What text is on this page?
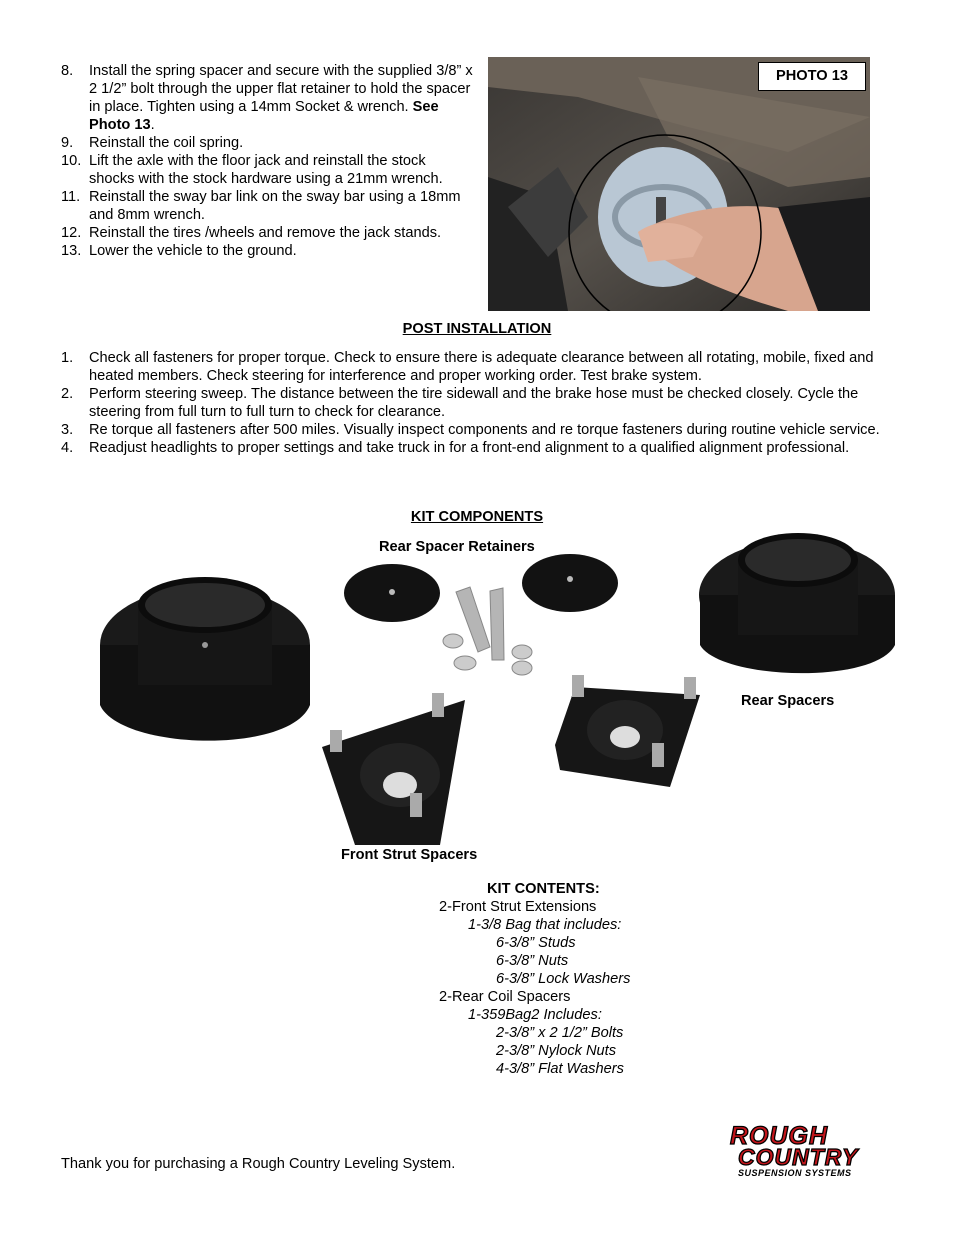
8. Install the spring spacer and secure with the supplied 3/8” x 2 1/2” bolt through the upper flat retainer to hold the spacer in place. Tighten using a 14mm Socket & wrench. See Photo 13.
9. Reinstall the coil spring.
10. Lift the axle with the floor jack and reinstall the stock shocks with the stock hardware using a 21mm wrench.
11. Reinstall the sway bar link on the sway bar using a 18mm and 8mm wrench.
12. Reinstall the tires /wheels and remove the jack stands.
13. Lower the vehicle to the ground.
PHOTO 13
POST INSTALLATION
1. Check all fasteners for proper torque. Check to ensure there is adequate clearance between all rotating, mobile, fixed and heated members. Check steering for interference and proper working order. Test brake system.
2. Perform steering sweep. The distance between the tire sidewall and the brake hose must be checked closely. Cycle the steering from full turn to full turn to check for clearance.
3. Re torque all fasteners after 500 miles. Visually inspect components and re torque fasteners during routine vehicle service.
4. Readjust headlights to proper settings and take truck in for a front-end alignment to a qualified alignment professional.
KIT COMPONENTS
Rear Spacer Retainers
Rear Spacers
Front Strut Spacers
KIT CONTENTS:
2-Front Strut Extensions
1-3/8 Bag that includes:
6-3/8” Studs
6-3/8” Nuts
6-3/8” Lock Washers
2-Rear Coil Spacers
1-359Bag2 Includes:
2-3/8” x 2 1/2” Bolts
2-3/8” Nylock Nuts
4-3/8” Flat Washers
Thank you for purchasing a Rough Country Leveling System.
ROUGH
COUNTRY
SUSPENSION SYSTEMS
